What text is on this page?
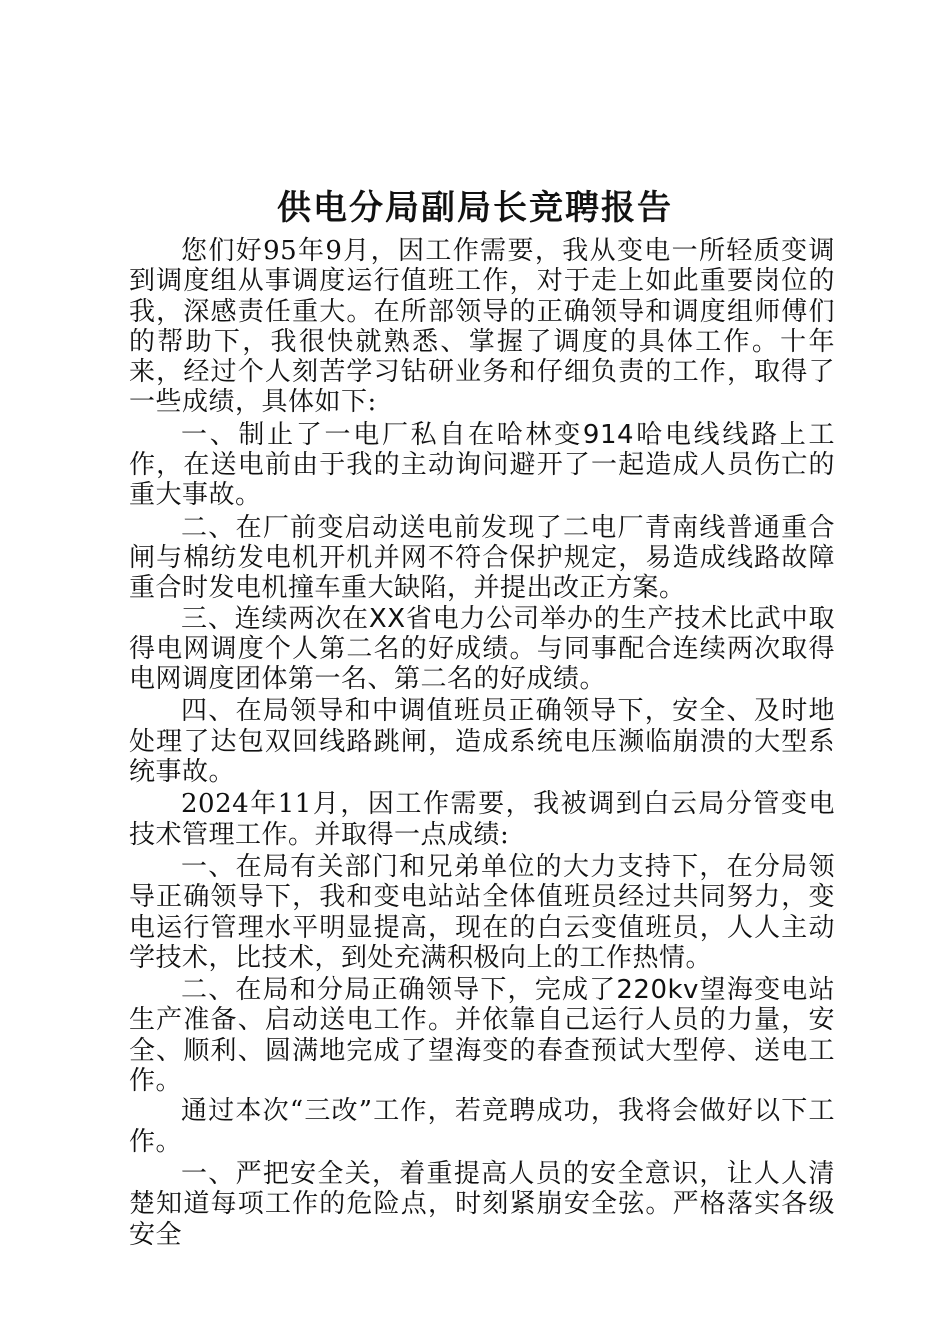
供电分局副局长竞聘报告

您们好95年9月，因工作需要，我从变电一所轻质变调到调度组从事调度运行值班工作，对于走上如此重要岗位的我，深感责任重大。在所部领导的正确领导和调度组师傅们的帮助下，我很快就熟悉、掌握了调度的具体工作。十年来，经过个人刻苦学习钻研业务和仔细负责的工作，取得了一些成绩，具体如下:

一、制止了一电厂私自在哈林变914哈电线线路上工作，在送电前由于我的主动询问避开了一起造成人员伤亡的重大事故。

二、在厂前变启动送电前发现了二电厂青南线普通重合闸与棉纺发电机开机并网不符合保护规定，易造成线路故障重合时发电机撞车重大缺陷，并提出改正方案。

三、连续两次在XX省电力公司举办的生产技术比武中取得电网调度个人第二名的好成绩。与同事配合连续两次取得电网调度团体第一名、第二名的好成绩。

四、在局领导和中调值班员正确领导下，安全、及时地处理了达包双回线路跳闸，造成系统电压濒临崩溃的大型系统事故。

2024年11月，因工作需要，我被调到白云局分管变电技术管理工作。并取得一点成绩:

一、在局有关部门和兄弟单位的大力支持下，在分局领导正确领导下，我和变电站站全体值班员经过共同努力，变电运行管理水平明显提高，现在的白云变值班员，人人主动学技术，比技术，到处充满积极向上的工作热情。

二、在局和分局正确领导下，完成了220kv望海变电站生产准备、启动送电工作。并依靠自己运行人员的力量，安全、顺利、圆满地完成了望海变的春查预试大型停、送电工作。

通过本次“三改”工作，若竞聘成功，我将会做好以下工作。

一、严把安全关，着重提高人员的安全意识，让人人清楚知道每项工作的危险点，时刻紧崩安全弦。严格落实各级安全
